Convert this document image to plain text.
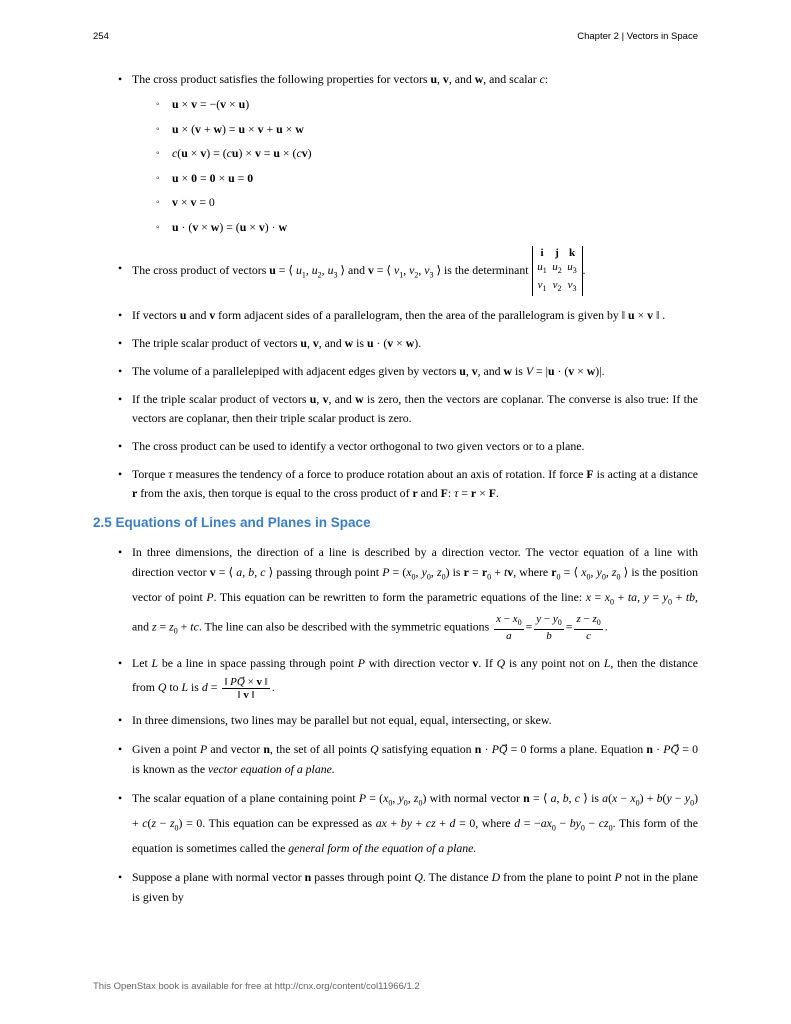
254	Chapter 2 | Vectors in Space
• The cross product satisfies the following properties for vectors u, v, and w, and scalar c:
◦ u × v = −(v × u)
◦ u × (v + w) = u × v + u × w
◦ c(u × v) = (cu) × v = u × (cv)
◦ u × 0 = 0 × u = 0
◦ v × v = 0
◦ u · (v × w) = (u × v) · w
• The cross product of vectors u = ⟨ $u_1$, $u_2$, $u_3$ ⟩ and v = ⟨ $v_1$, $v_2$, $v_3$ ⟩ is the determinant i j k
$u_1$ $u_2$ $u_3$
$v_1$ $v_2$ $v_3$.
• If vectors u and v form adjacent sides of a parallelogram, then the area of the parallelogram is given by ‖ u × v ‖ .
• The triple scalar product of vectors u, v, and w is u · (v × w).
• The volume of a parallelepiped with adjacent edges given by vectors u, v, and w is V = |u · (v × w)|.
• If the triple scalar product of vectors u, v, and w is zero, then the vectors are coplanar. The converse is also true: If the vectors are coplanar, then their triple scalar product is zero.
• The cross product can be used to identify a vector orthogonal to two given vectors or to a plane.
• Torque τ measures the tendency of a force to produce rotation about an axis of rotation. If force F is acting at a distance r from the axis, then torque is equal to the cross product of r and F: τ = r × F.
2.5 Equations of Lines and Planes in Space
• In three dimensions, the direction of a line is described by a direction vector. The vector equation of a line with direction vector v = ⟨ a, b, c ⟩ passing through point $P = (x_0$, $y_0$, $z_0$) is $r = r_0$ + tv, where $r_0$ = ⟨ $x_0$, $y_0$, $z_0$ ⟩ is the position vector of point P. This equation can be rewritten to form the parametric equations of the line: $x = x_0$ + ta, $y = y_0$ + tb, and $z = z_0$ + tc. The line can also be described with the symmetric equations $\frac{x - x_0}{a} = \frac{y - y_0}{b} = \frac{z - z_0}{c}$ .
• Let L be a line in space passing through point P with direction vector v. If Q is any point not on L, then the distance from Q to L is $d = \frac{‖ PQ⃗ \times v ‖}{‖ v ‖}$ .
• In three dimensions, two lines may be parallel but not equal, equal, intersecting, or skew.
• Given a point P and vector n, the set of all points Q satisfying equation n · PQ⃗ = 0 forms a plane. Equation n · PQ⃗ = 0 is known as the vector equation of a plane.
• The scalar equation of a plane containing point $P = (x_0$, $y_0$, $z_0$) with normal vector n = ⟨ a, b, c ⟩ is $a(x - x_0) + b(y - y_0) + c(z - z_0) = 0$. This equation can be expressed as ax + by + cz + d = 0, where $d = -ax_0 - by_0 - cz_0$. This form of the equation is sometimes called the general form of the equation of a plane.
• Suppose a plane with normal vector n passes through point Q. The distance D from the plane to point P not in the plane is given by
This OpenStax book is available for free at http://cnx.org/content/col11966/1.2
